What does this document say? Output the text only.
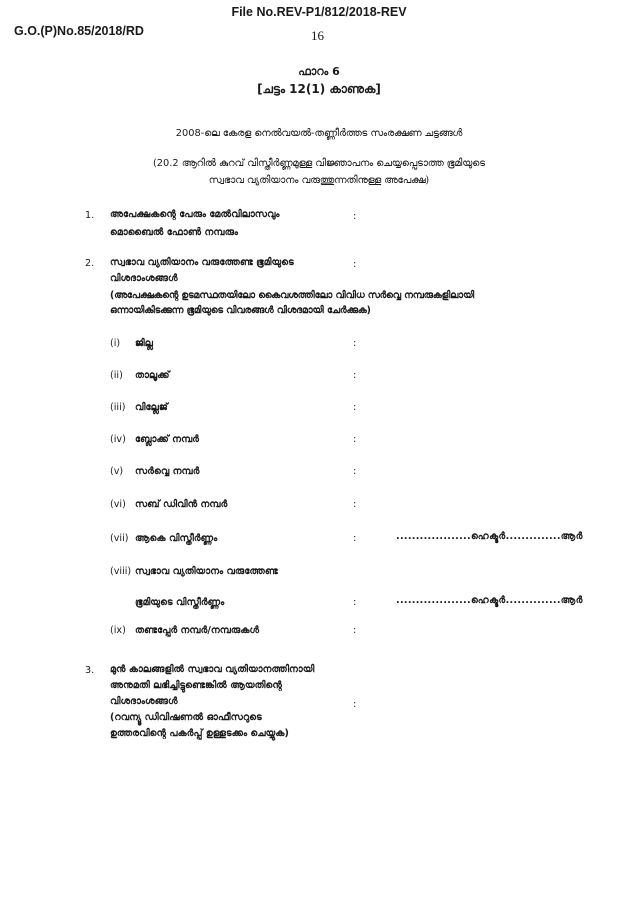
File No.REV-P1/812/2018-REV
G.O.(P)No.85/2018/RD	16
ഫാറം 6
[ചട്ടം 12(1) കാണുക]
2008-ലെ കേരള നെൽവയൽ-തണ്ണീർത്തട സംരക്ഷണ ചട്ടങ്ങൾ
(20.2 ആറിൽ കുറവ് വിസ്തീർണ്ണമുള്ള വിജ്ഞാപനം ചെയ്യപ്പെടാത്ത ഭൂമിയുടെ
സ്വഭാവ വ്യതിയാനം വരുത്തുന്നതിനുള്ള അപേക്ഷ)
1. അപേക്ഷകന്റെ പേരും മേൽവിലാസവും
മൊബൈൽ ഫോൺ നമ്പരും
:
2. സ്വഭാവ വ്യതിയാനം വരുത്തേണ്ട ഭൂമിയുടെ
വിശദാംശങ്ങൾ
:
(അപേക്ഷകന്റെ ഉടമസ്ഥതയിലോ കൈവശത്തിലോ വിവിധ സർവ്വെ നമ്പരുകളിലായി
ഒന്നായികിടക്കുന്ന ഭൂമിയുടെ വിവരങ്ങൾ വിശദമായി ചേർക്കുക)
(i) ജില്ല	:
(ii) താലൂക്ക്	:
(iii) വില്ലേജ്	:
(iv) ബ്ലോക്ക് നമ്പർ	:
(v) സർവ്വെ നമ്പർ	:
(vi) സബ് ഡിവിൻ നമ്പർ	:
(vii) ആകെ വിസ്തീർണ്ണം	:	...................ഹെക്ടർ..............ആർ
(viii) സ്വഭാവ വ്യതിയാനം വരുത്തേണ്ട
ഭൂമിയുടെ വിസ്തീർണ്ണം	:	...................ഹെക്ടർ..............ആർ
(ix) തണ്ടപ്പേർ നമ്പർ/നമ്പരുകൾ	:
3. മുൻ കാലങ്ങളിൽ സ്വഭാവ വ്യതിയാനത്തിനായി
അനുമതി ലഭിച്ചിട്ടുണ്ടെങ്കിൽ ആയതിന്റെ
വിശദാംശങ്ങൾ	:
(റവന്യൂ ഡിവിഷണൽ ഓഫീസറുടെ
ഉത്തരവിന്റെ പകർപ്പ് ഉള്ളടക്കം ചെയ്യുക)
